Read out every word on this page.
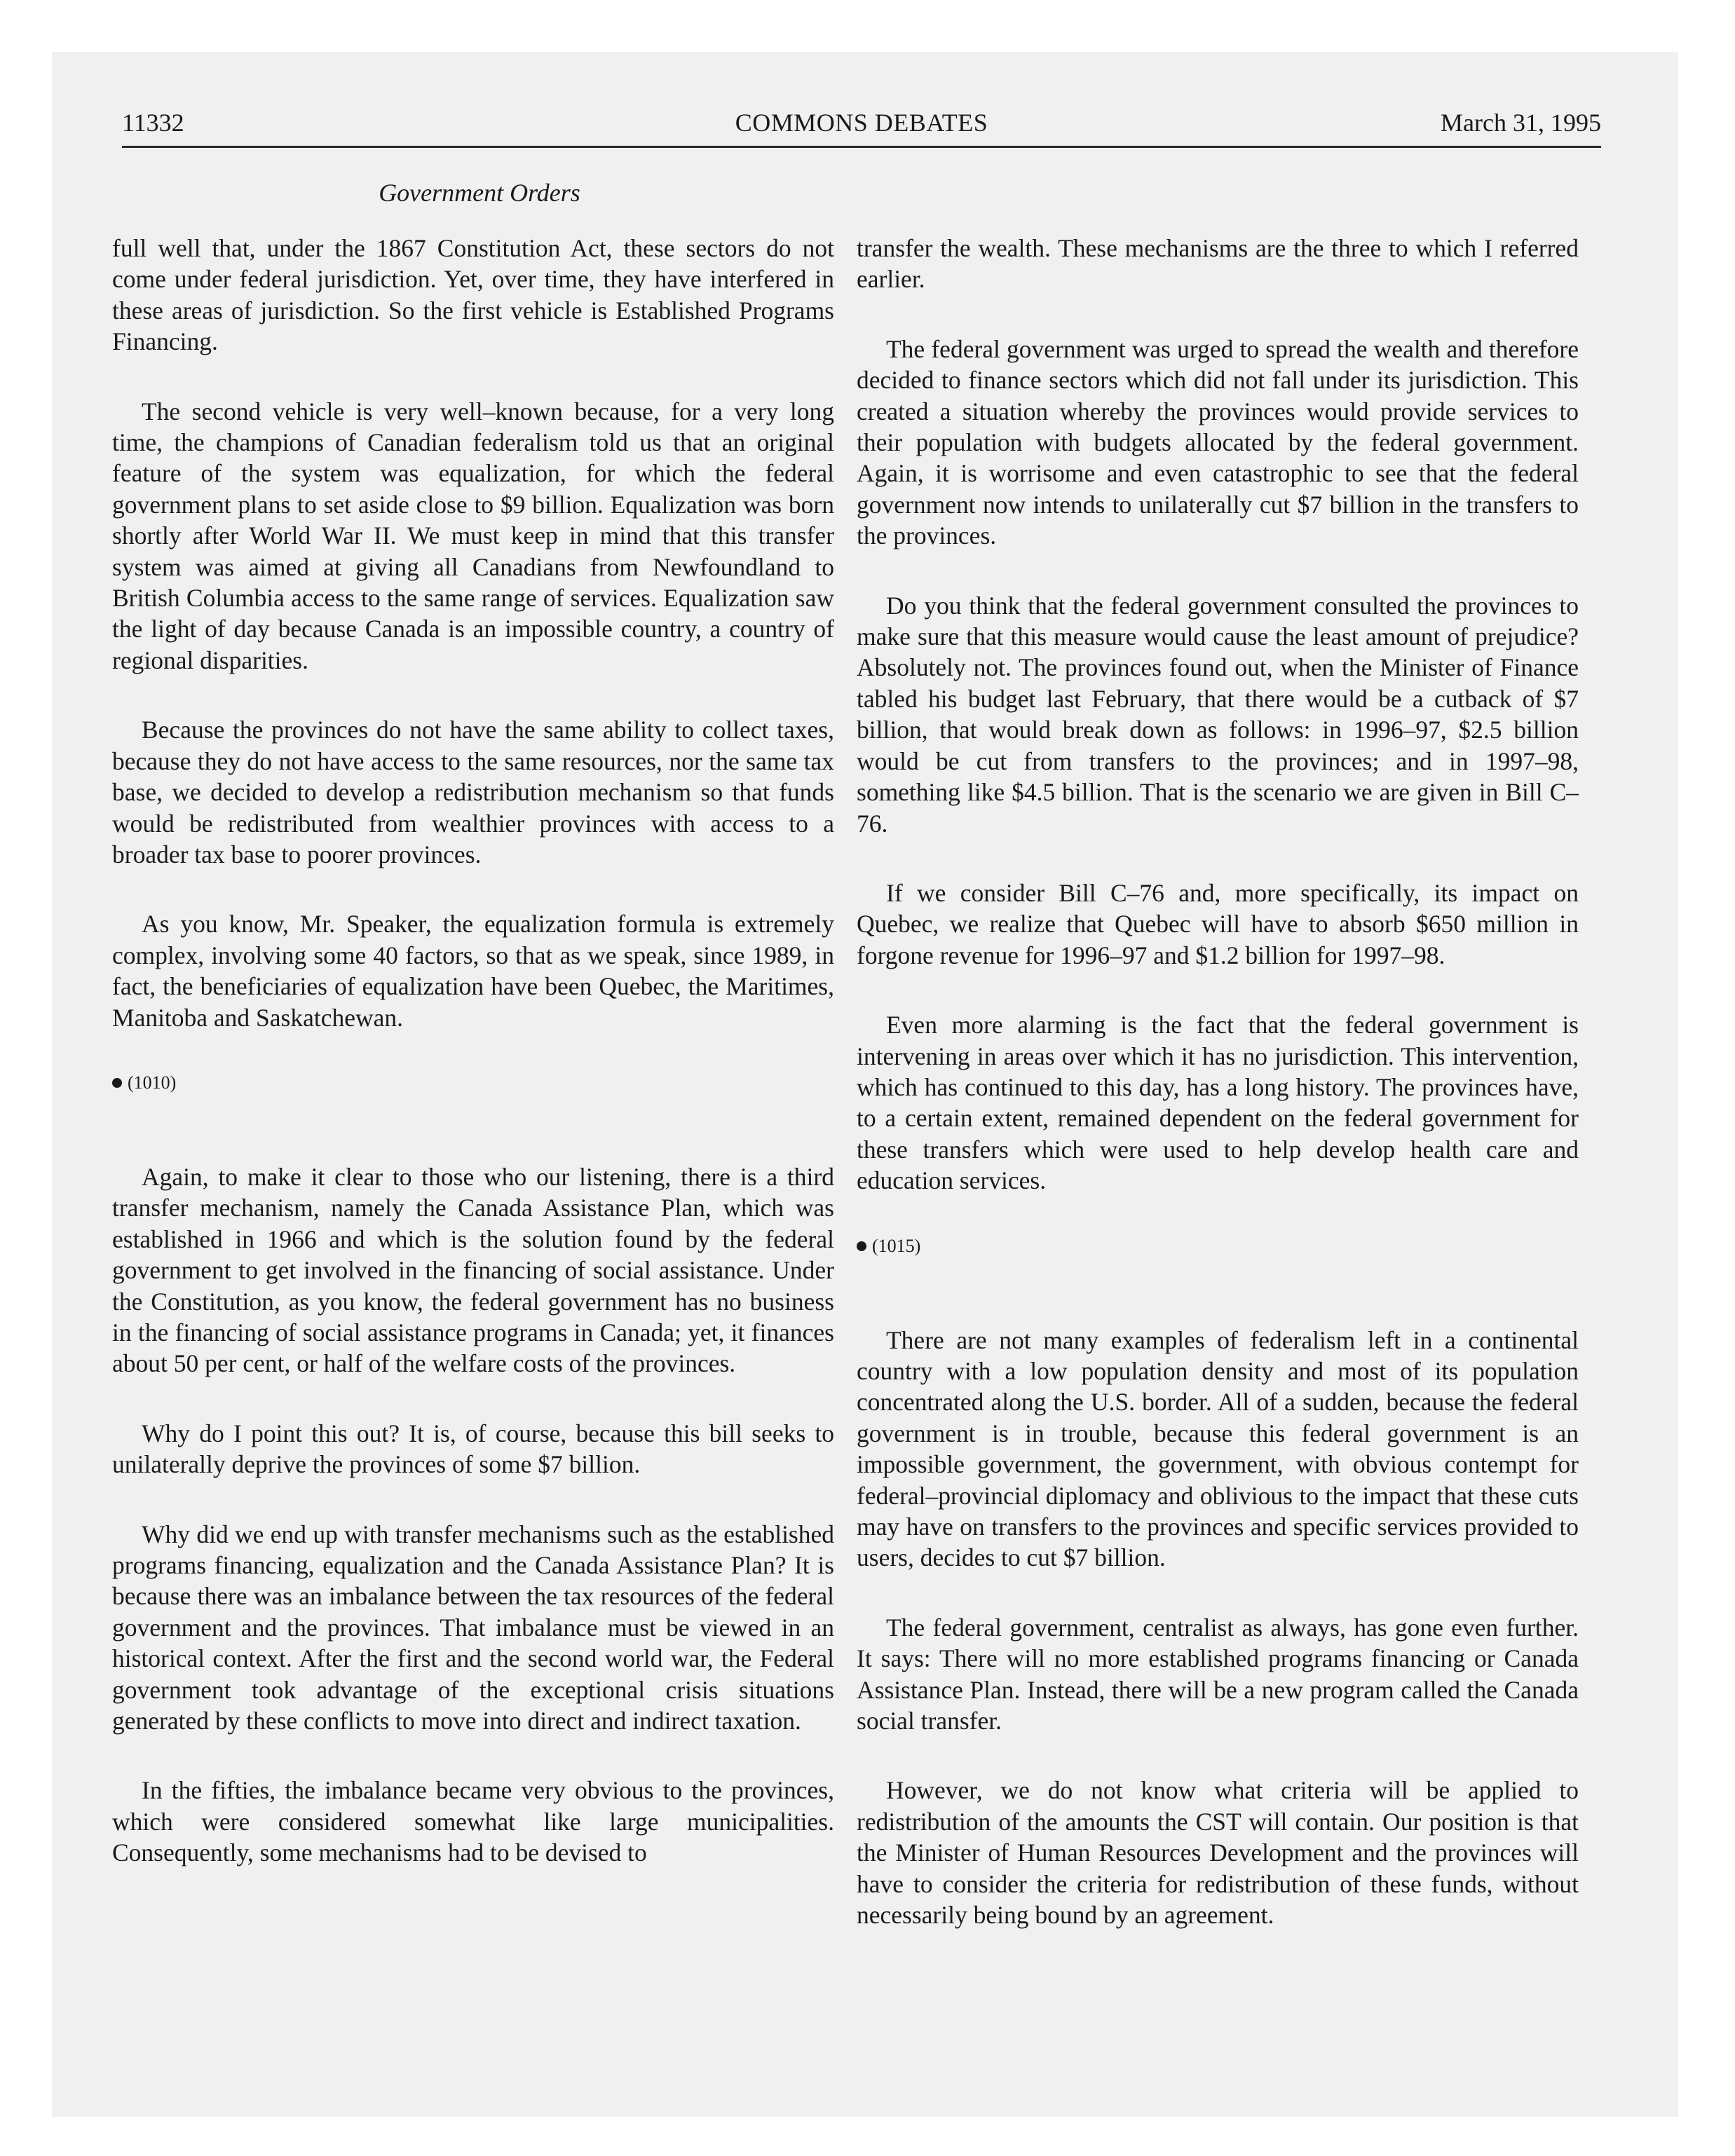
11332	COMMONS DEBATES	March 31, 1995
Government Orders

full well that, under the 1867 Constitution Act, these sectors do not come under federal jurisdiction. Yet, over time, they have interfered in these areas of jurisdiction. So the first vehicle is Established Programs Financing.

The second vehicle is very well–known because, for a very long time, the champions of Canadian federalism told us that an original feature of the system was equalization, for which the federal government plans to set aside close to $9 billion. Equalization was born shortly after World War II. We must keep in mind that this transfer system was aimed at giving all Canadians from Newfoundland to British Columbia access to the same range of services. Equalization saw the light of day because Canada is an impossible country, a country of regional disparities.

Because the provinces do not have the same ability to collect taxes, because they do not have access to the same resources, nor the same tax base, we decided to develop a redistribution mechanism so that funds would be redistributed from wealthier provinces with access to a broader tax base to poorer provinces.

As you know, Mr. Speaker, the equalization formula is extremely complex, involving some 40 factors, so that as we speak, since 1989, in fact, the beneficiaries of equalization have been Quebec, the Maritimes, Manitoba and Saskatchewan.

(1010)

Again, to make it clear to those who our listening, there is a third transfer mechanism, namely the Canada Assistance Plan, which was established in 1966 and which is the solution found by the federal government to get involved in the financing of social assistance. Under the Constitution, as you know, the federal government has no business in the financing of social assistance programs in Canada; yet, it finances about 50 per cent, or half of the welfare costs of the provinces.

Why do I point this out? It is, of course, because this bill seeks to unilaterally deprive the provinces of some $7 billion.

Why did we end up with transfer mechanisms such as the established programs financing, equalization and the Canada Assistance Plan? It is because there was an imbalance between the tax resources of the federal government and the provinces. That imbalance must be viewed in an historical context. After the first and the second world war, the Federal government took advantage of the exceptional crisis situations generated by these conflicts to move into direct and indirect taxation.

In the fifties, the imbalance became very obvious to the provinces, which were considered somewhat like large municipalities. Consequently, some mechanisms had to be devised to

transfer the wealth. These mechanisms are the three to which I referred earlier.

The federal government was urged to spread the wealth and therefore decided to finance sectors which did not fall under its jurisdiction. This created a situation whereby the provinces would provide services to their population with budgets allocated by the federal government. Again, it is worrisome and even catastrophic to see that the federal government now intends to unilaterally cut $7 billion in the transfers to the provinces.

Do you think that the federal government consulted the provinces to make sure that this measure would cause the least amount of prejudice? Absolutely not. The provinces found out, when the Minister of Finance tabled his budget last February, that there would be a cutback of $7 billion, that would break down as follows: in 1996–97, $2.5 billion would be cut from transfers to the provinces; and in 1997–98, something like $4.5 billion. That is the scenario we are given in Bill C–76.

If we consider Bill C–76 and, more specifically, its impact on Quebec, we realize that Quebec will have to absorb $650 million in forgone revenue for 1996–97 and $1.2 billion for 1997–98.

Even more alarming is the fact that the federal government is intervening in areas over which it has no jurisdiction. This intervention, which has continued to this day, has a long history. The provinces have, to a certain extent, remained dependent on the federal government for these transfers which were used to help develop health care and education services.

(1015)

There are not many examples of federalism left in a continental country with a low population density and most of its population concentrated along the U.S. border. All of a sudden, because the federal government is in trouble, because this federal government is an impossible government, the government, with obvious contempt for federal–provincial diplomacy and oblivious to the impact that these cuts may have on transfers to the provinces and specific services provided to users, decides to cut $7 billion.

The federal government, centralist as always, has gone even further. It says: There will no more established programs financing or Canada Assistance Plan. Instead, there will be a new program called the Canada social transfer.

However, we do not know what criteria will be applied to redistribution of the amounts the CST will contain. Our position is that the Minister of Human Resources Development and the provinces will have to consider the criteria for redistribution of these funds, without necessarily being bound by an agreement.
